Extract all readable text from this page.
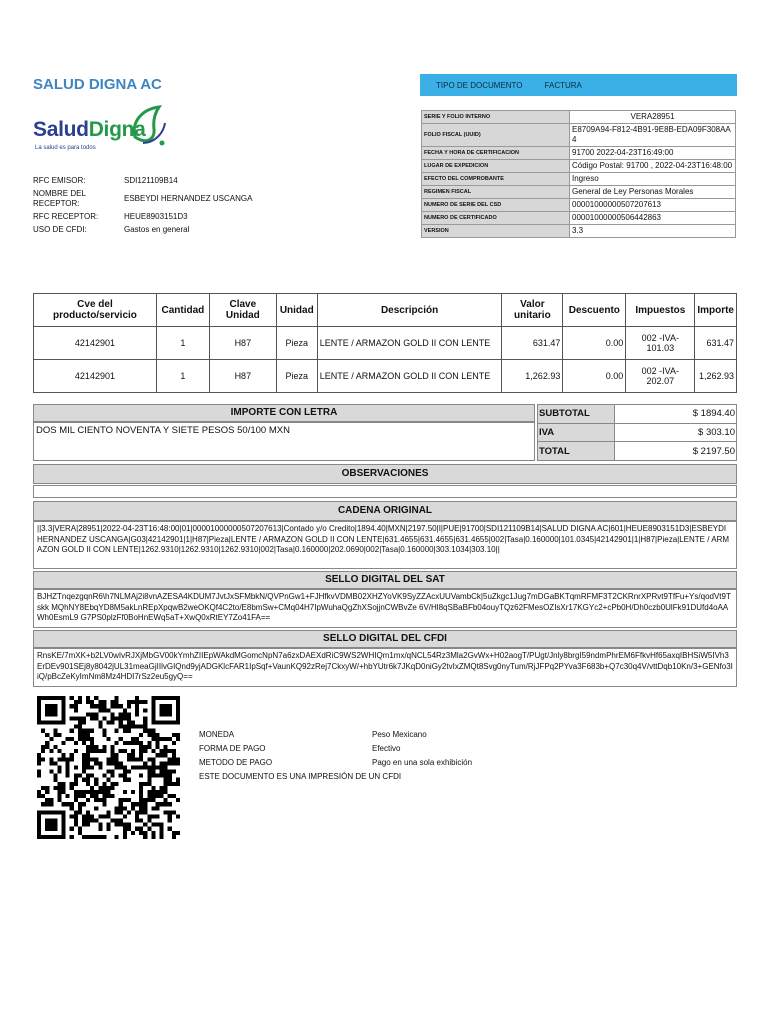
SALUD DIGNA AC
SaludDigna
La salud es para todos
RFC EMISOR:	SDI121109B14
NOMBRE DEL RECEPTOR:
ESBEYDI HERNANDEZ USCANGA
RFC RECEPTOR:	HEUE8903151D3
USO DE CFDI:	Gastos en general
TIPO DE DOCUMENTO	FACTURA
SERIE Y FOLIO INTERNO	VERA28951
FOLIO FISCAL (UUID)	E8709A94-F812-4B91-9E8B-EDA09F308AA4
FECHA Y HORA DE CERTIFICACION	91700 2022-04-23T16:49:00
LUGAR DE EXPEDICION	Código Postal: 91700 , 2022-04-23T16:48:00
EFECTO DEL COMPROBANTE	Ingreso
REGIMEN FISCAL	General de Ley Personas Morales
NUMERO DE SERIE DEL CSD	00001000000507207613
NUMERO DE CERTIFICADO	00001000000506442863
VERSION	3.3
Cve del producto/servicio	Cantidad	Clave Unidad	Unidad	Descripción	Valor unitario	Descuento	Impuestos	Importe
42142901	1	H87	Pieza	LENTE / ARMAZON GOLD II CON LENTE	631.47	0.00	002 -IVA- 101.03	631.47
42142901	1	H87	Pieza	LENTE / ARMAZON GOLD II CON LENTE	1,262.93	0.00	002 -IVA- 202.07	1,262.93
IMPORTE CON LETRA
DOS MIL CIENTO NOVENTA Y SIETE PESOS 50/100 MXN
SUBTOTAL	$ 1894.40
IVA	$ 303.10
TOTAL	$ 2197.50
OBSERVACIONES
CADENA ORIGINAL
||3.3|VERA|28951|2022-04-23T16:48:00|01|00001000000507207613|Contado y/o Credito|1894.40|MXN|2197.50|I|PUE|91700|SDI121109B14|SALUD DIGNA AC|601|HEUE8903151D3|ESBEYDI HERNANDEZ USCANGA|G03|42142901|1|H87|Pieza|LENTE / ARMAZON GOLD II CON LENTE|631.4655|631.4655|631.4655|002|Tasa|0.160000|101.0345|42142901|1|H87|Pieza|LENTE / ARMAZON GOLD II CON LENTE|1262.9310|1262.9310|1262.9310|002|Tasa|0.160000|202.0690|002|Tasa|0.160000|303.1034|303.10||
SELLO DIGITAL DEL SAT
BJHZTnqezgqnR6\h7NLMAj2i8vnAZESA4KDUM7JvtJxSFMbkN/QVPnGw1+FJHfkvVDMB02XHZYoVK9SyZZAcxUUVambCk|5uZkgc1Jug7mDGaBKTqmRFMF3T2CKRnrXPRvt9TfFu+Ys/qodVt9Tskk MQhNY8EbqYD8M5akLnREpXpqwB2weOKQf4C2to/E8bmSw+CMq04H7IpWuhaQgZhXSojjnCWBvZe 6V/Hl8qSBaBFb04ouyTQz62FMesOZIsXr17KGYc2+cPb0H/Dh0czb0UlFk91DUfd4oAAWh0EsmL9 G7PS0plzFf0BoHnEWq5aT+XwQ0xRtEY7Zo41FA==
SELLO DIGITAL DEL CFDI
RnsKE/7mXK+b2LV0wIvRJXjMbGV00kYmhZIIEpWAkdMGomcNpN7a6zxDAEXdRiC9WS2WHIQm1mx/qNCL54Rz3Mla2GvWx+H02aogT/PUgt/Jnly8brgI59ndmPhrEM6FfkvHf65axqIBHSiW5IVh3ErDEv901SEj8y8042jUL31meaGjIIlvGIQnd9yjADGKlcFAR1IpSqf+VaunKQ92zRej7CkxyW/+hbYUtr6k7JKqD0niGy2tvIxZMQt8Svg0nyTum/RjJFPq2PYva3F683b+Q7c30q4V/vttDqb10Kn/3+GENfo3IiQ/pBcZeKyImNm8Mz4HDI7rSz2eu5gyQ==
MONEDA	Peso Mexicano
FORMA DE PAGO	Efectivo
METODO DE PAGO	Pago en una sola exhibición
ESTE DOCUMENTO ES UNA IMPRESIÓN DE UN CFDI
